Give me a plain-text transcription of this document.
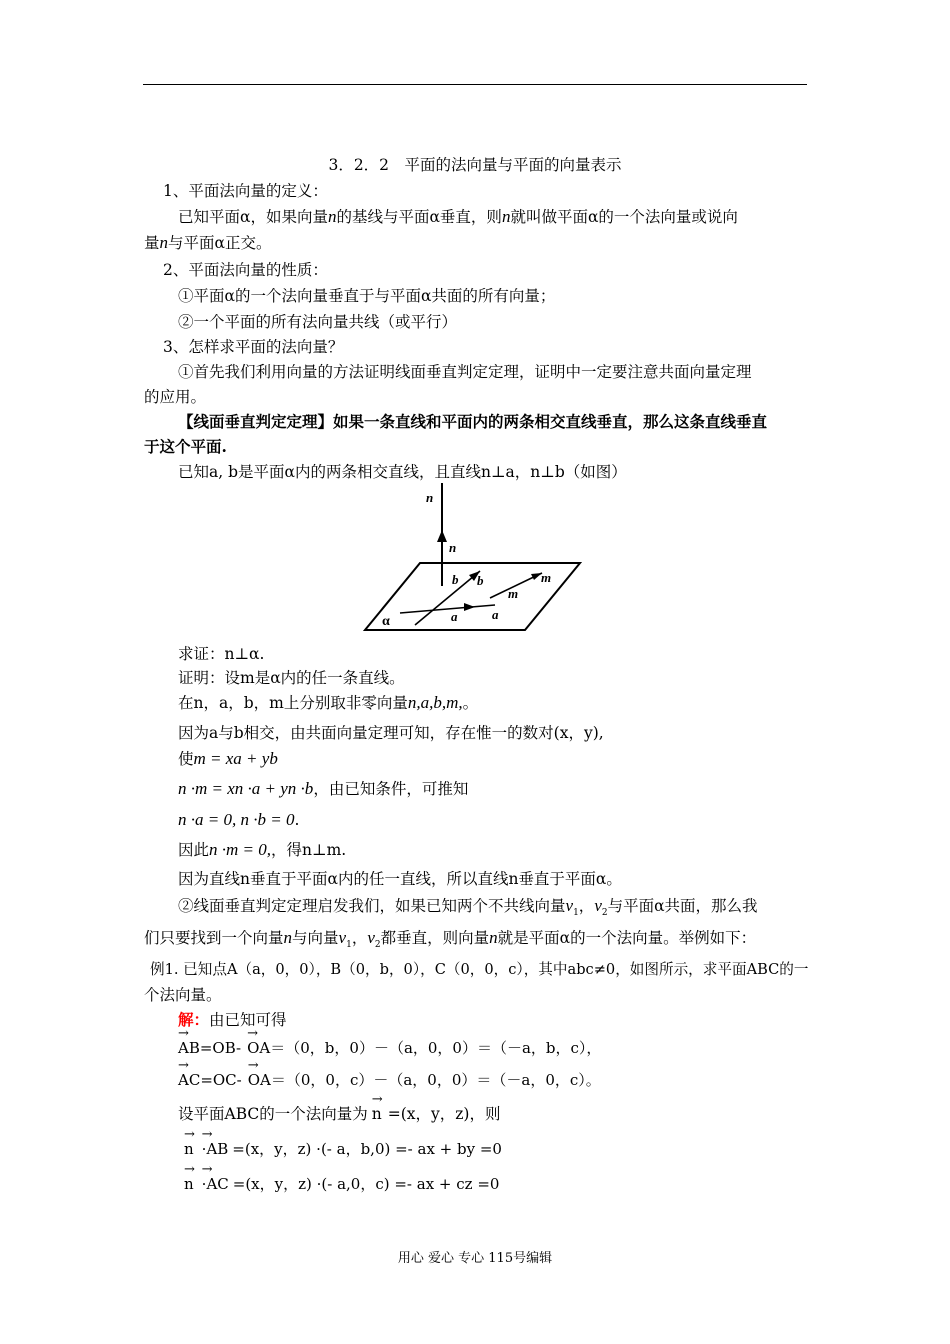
3．2．2　平面的法向量与平面的向量表示
1、平面法向量的定义：
已知平面α，如果向量n的基线与平面α垂直，则n就叫做平面α的一个法向量或说向
量n与平面α正交。
2、平面法向量的性质：
①平面α的一个法向量垂直于与平面α共面的所有向量；
②一个平面的所有法向量共线（或平行）
3、怎样求平面的法向量？
①首先我们利用向量的方法证明线面垂直判定定理，证明中一定要注意共面向量定理
的应用。
【线面垂直判定定理】如果一条直线和平面内的两条相交直线垂直，那么这条直线垂直
于这个平面.
已知a, b是平面α内的两条相交直线，且直线n⊥a，n⊥b（如图）
n
n
b b
m
m
a	a
α
求证：n⊥α.
证明：设m是α内的任一条直线。
在n，a，b，m上分别取非零向量n,a,b,m,。
因为a与b相交，由共面向量定理可知，存在惟一的数对(x，y),
使m = xa + yb
n ·m = xn ·a + yn ·b，由已知条件，可推知
n ·a = 0, n ·b = 0.
因此n ·m = 0,，得n⊥m.
因为直线n垂直于平面α内的任一直线，所以直线n垂直于平面α。
②线面垂直判定定理启发我们，如果已知两个不共线向量$v_1$，$v_2$与平面α共面，那么我
们只要找到一个向量n与向量$v_1$，$v_2$都垂直，则向量n就是平面α的一个法向量。举例如下：
例1. 已知点A（a，0，0），B（0，b，0），C（0，0，c），其中abc≠0，如图所示，求平面ABC的一
个法向量。
解：由已知可得
→ AB=OB- → OA＝（0，b，0）－（a，0，0）＝（－a，b，c），
→ AC=OC- → OA＝（0，0，c）－（a，0，0）＝（－a，0，c）。
设平面ABC的一个法向量为 → n =(x，y，z)，则
→ n → ·AB =(x，y，z) ·(- a，b,0) =- ax + by =0
→ n → ·AC =(x，y，z) ·(- a,0，c) =- ax + cz =0
用心 爱心 专心 115号编辑
